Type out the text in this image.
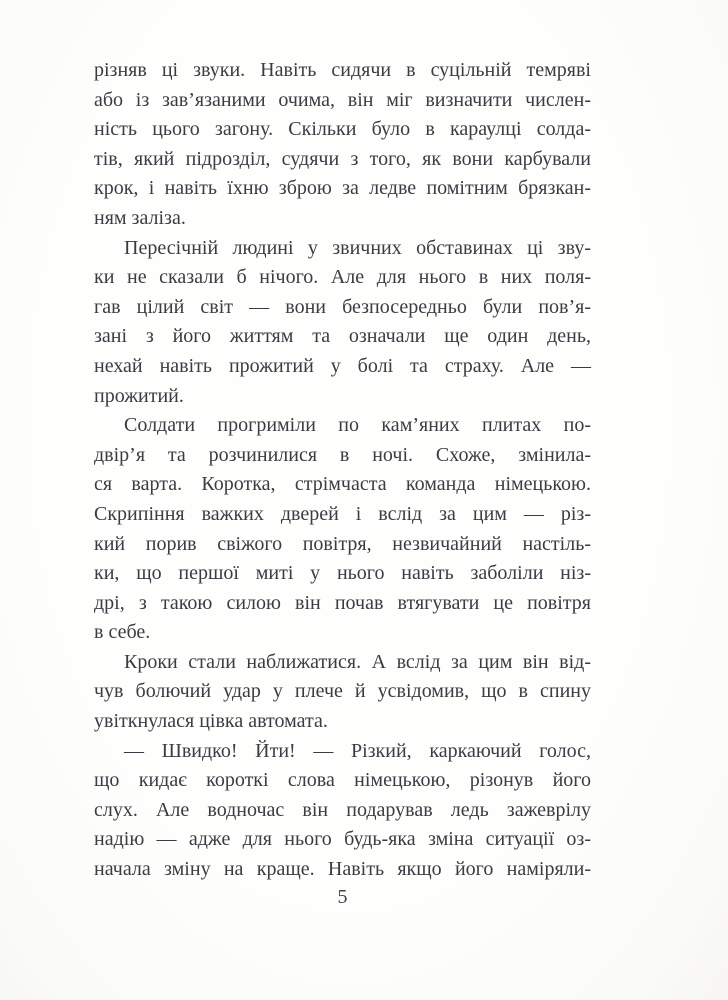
різняв ці звуки. Навіть сидячи в суцільній темряві
або із зав’язаними очима, він міг визначити числен-
ність цього загону. Скільки було в караулці солда-
тів, який підрозділ, судячи з того, як вони карбували
крок, і навіть їхню зброю за ледве помітним брязкан-
ням заліза.

Пересічній людині у звичних обставинах ці зву-
ки не сказали б нічого. Але для нього в них поля-
гав цілий світ — вони безпосередньо були пов’я-
зані з його життям та означали ще один день,
нехай навіть прожитий у болі та страху. Але —
прожитий.

Солдати прогриміли по кам’яних плитах по-
двір’я та розчинилися в ночі. Схоже, змінила-
ся варта. Коротка, стрімчаста команда німецькою.
Скрипіння важких дверей і вслід за цим — різ-
кий порив свіжого повітря, незвичайний настіль-
ки, що першої миті у нього навіть заболіли ніз-
дрі, з такою силою він почав втягувати це повітря
в себе.

Кроки стали наближатися. А вслід за цим він від-
чув болючий удар у плече й усвідомив, що в спину
увіткнулася цівка автомата.

— Швидко! Йти! — Різкий, каркаючий голос,
що кидає короткі слова німецькою, різонув його
слух. Але водночас він подарував ледь зажеврілу
надію — адже для нього будь-яка зміна ситуації оз-
начала зміну на краще. Навіть якщо його наміряли-

5
